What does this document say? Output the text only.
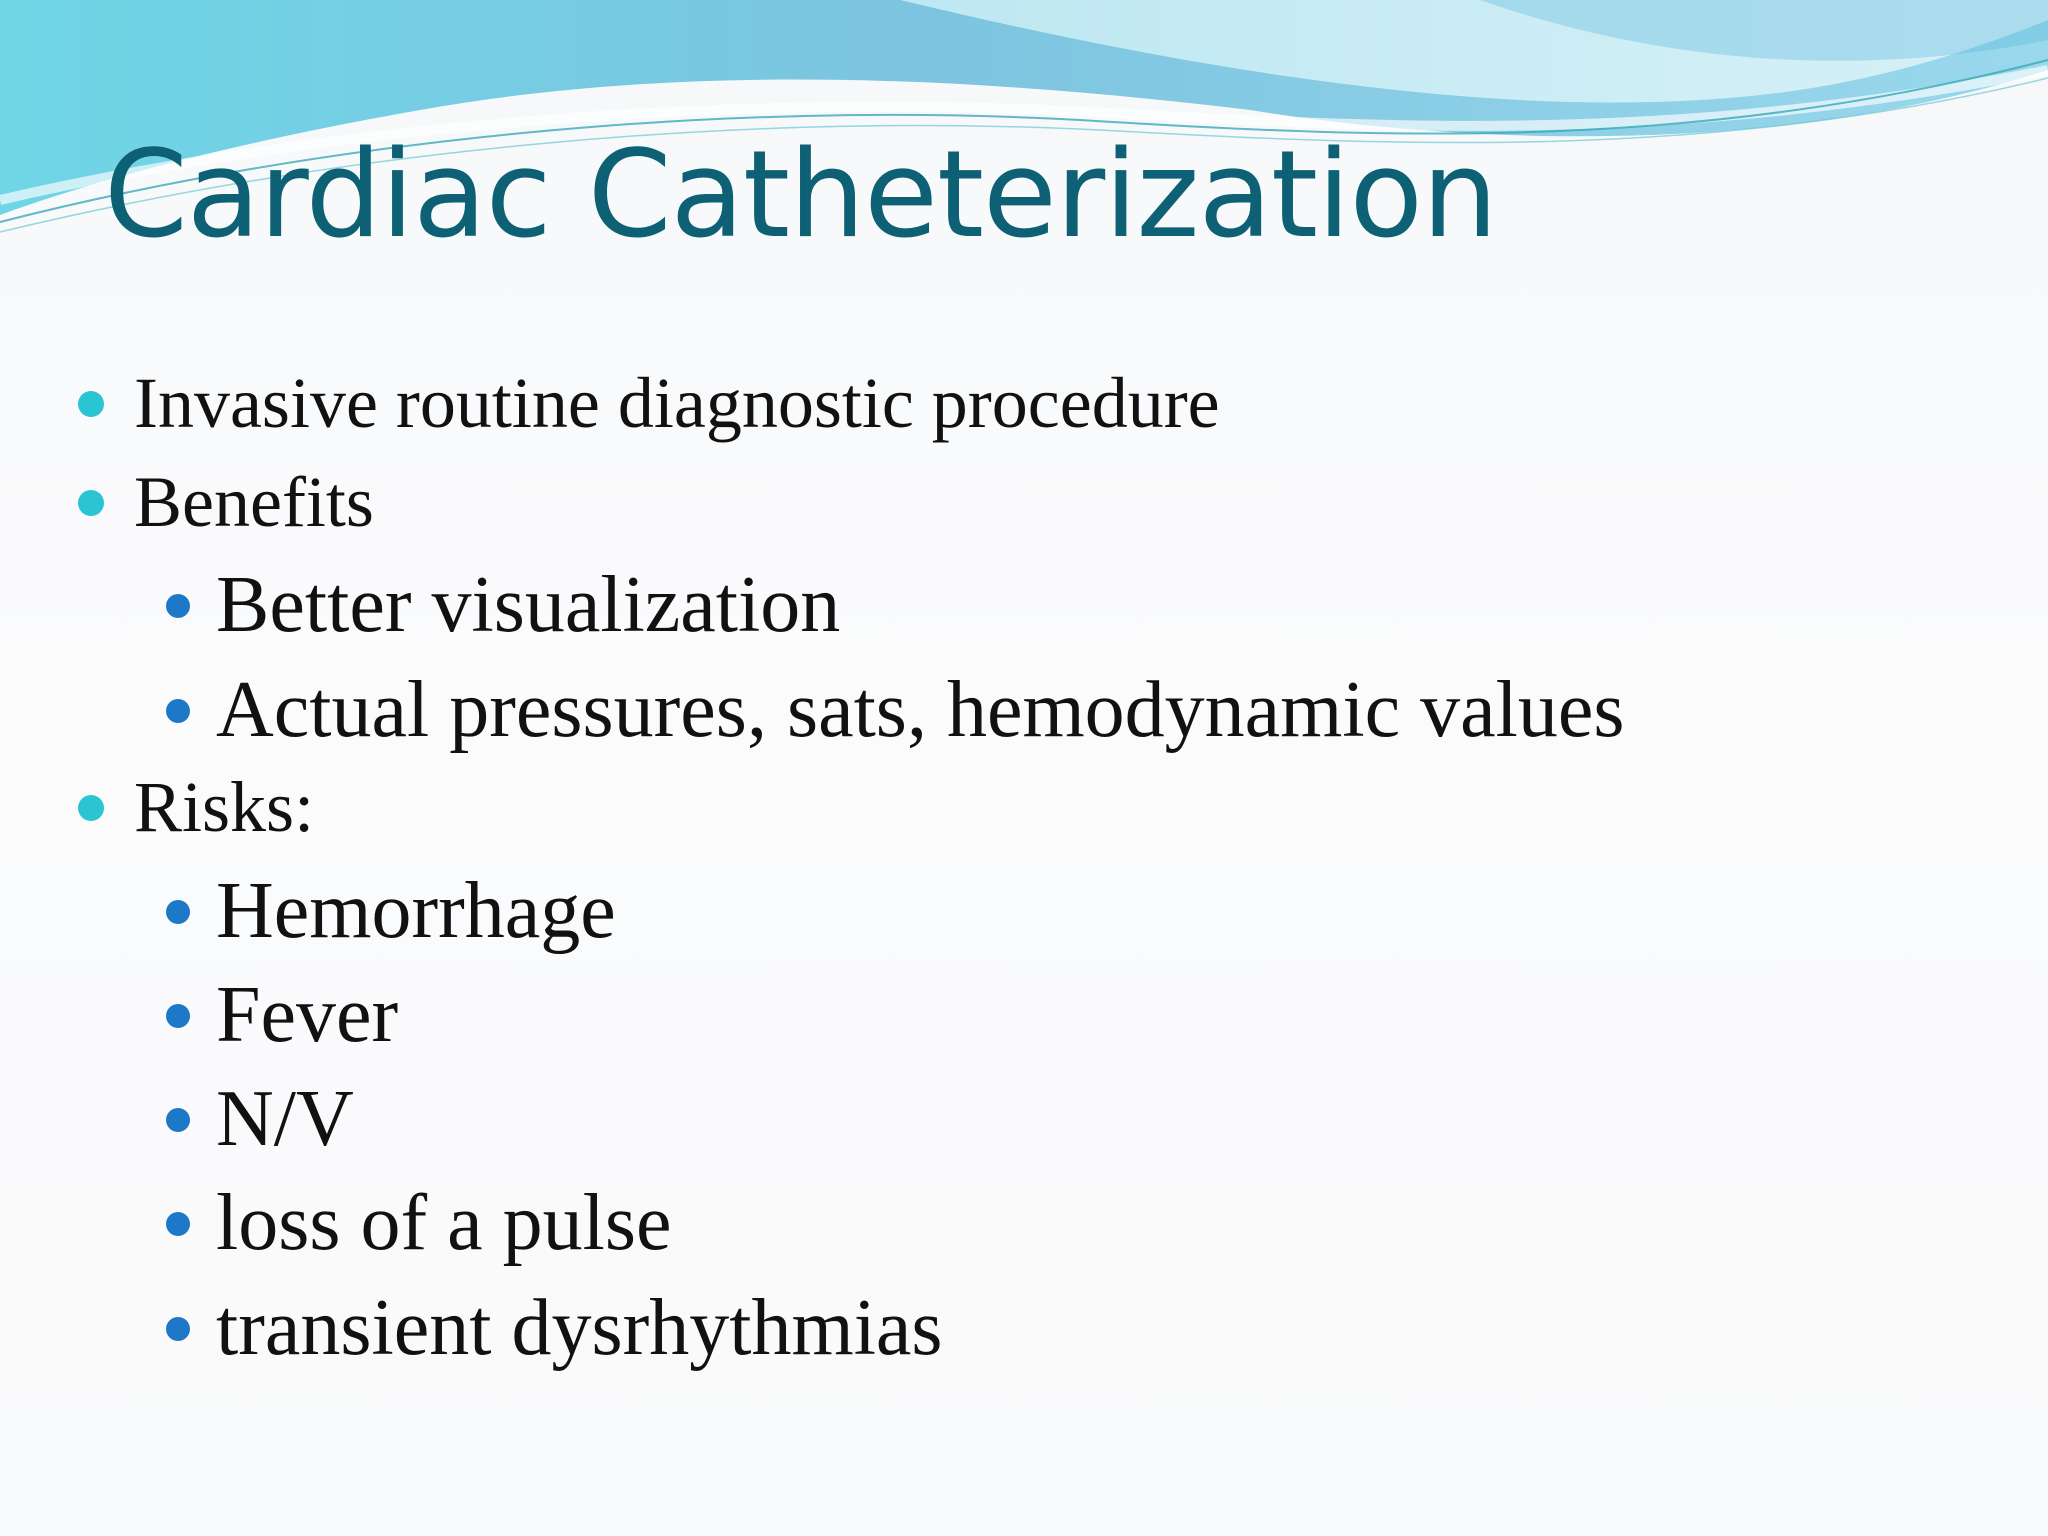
Cardiac Catheterization
Invasive routine diagnostic procedure
Benefits
Better visualization
Actual pressures, sats, hemodynamic values
Risks:
Hemorrhage
Fever
N/V
loss of a pulse
transient dysrhythmias
